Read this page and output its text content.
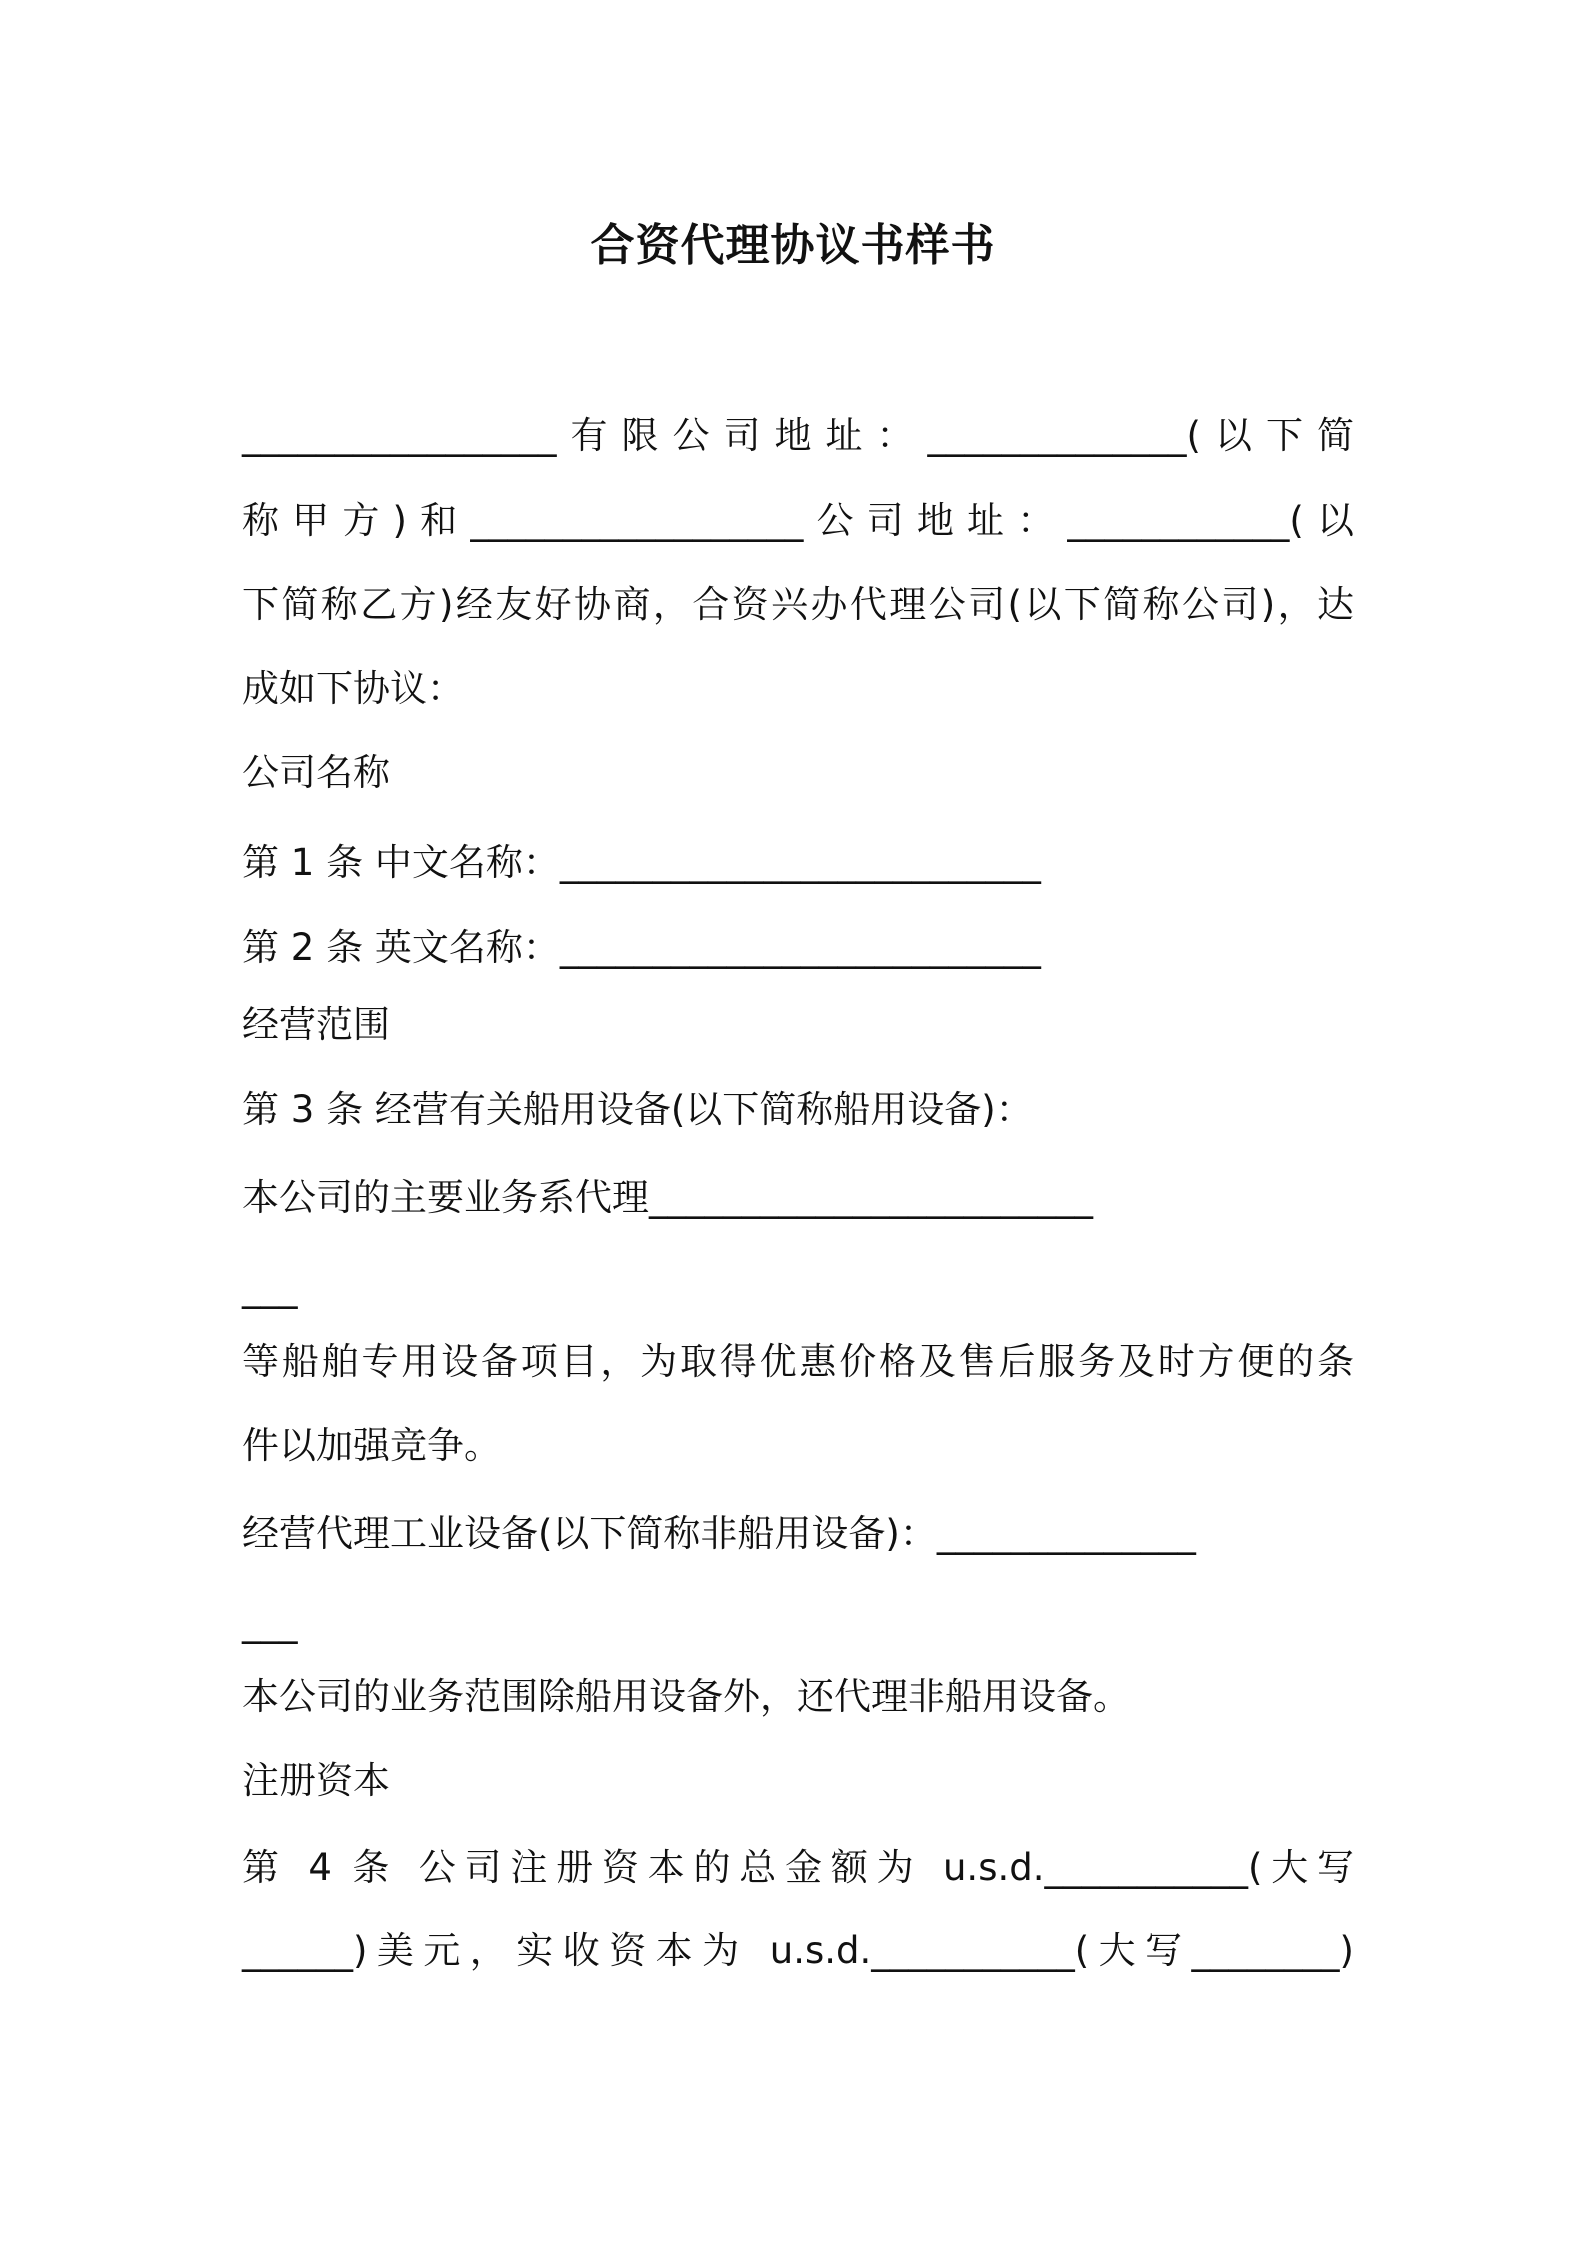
合资代理协议书样书
_________________有限公司地址：______________(以下简
称甲方)和__________________公司地址：____________(以
下简称乙方)经友好协商，合资兴办代理公司(以下简称公司)，达
成如下协议：
公司名称
第 1 条 中文名称：__________________________
第 2 条 英文名称：__________________________
经营范围
第 3 条 经营有关船用设备(以下简称船用设备)：
本公司的主要业务系代理________________________
___
等船舶专用设备项目，为取得优惠价格及售后服务及时方便的条
件以加强竞争。
经营代理工业设备(以下简称非船用设备)：______________
___
本公司的业务范围除船用设备外，还代理非船用设备。
注册资本
第 4 条 公司注册资本的总金额为 u.s.d.___________(大写
______)美元，实收资本为 u.s.d.___________(大写________)
